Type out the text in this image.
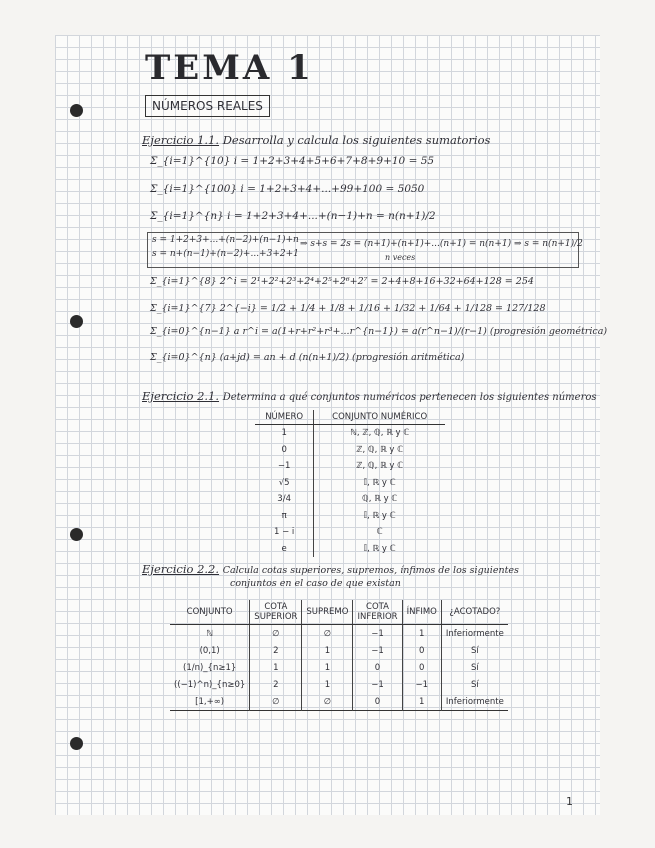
TEMA 1
NÚMEROS REALES
Ejercicio 1.1. Desarrolla y calcula los siguientes sumatorios
Σ_{i=1}^{10} i = 1+2+3+4+5+6+7+8+9+10 = 55
Σ_{i=1}^{100} i = 1+2+3+4+...+99+100 = 5050
Σ_{i=1}^{n} i = 1+2+3+4+...+(n−1)+n = n(n+1)/2
s = 1+2+3+...+(n−2)+(n−1)+n
s = n+(n−1)+(n−2)+...+3+2+1
⇒ s+s = 2s = (n+1)+(n+1)+...(n+1) = n(n+1) ⇒ s = n(n+1)/2
n veces
Σ_{i=1}^{8} 2^i = 2¹+2²+2³+2⁴+2⁵+2⁶+2⁷ = 2+4+8+16+32+64+128 = 254
Σ_{i=1}^{7} 2^{−i} = 1/2 + 1/4 + 1/8 + 1/16 + 1/32 + 1/64 + 1/128 = 127/128
Σ_{i=0}^{n−1} a r^i = a(1+r+r²+r³+...r^{n−1}) = a(r^n−1)/(r−1) (progresión geométrica)
Σ_{i=0}^{n} (a+jd) = an + d (n(n+1)/2) (progresión aritmética)
Ejercicio 2.1. Determina a qué conjuntos numéricos pertenecen los siguientes números
NÚMERO	CONJUNTO NUMÉRICO
1	ℕ, ℤ, ℚ, ℝ y ℂ
0	ℤ, ℚ, ℝ y ℂ
−1	ℤ, ℚ, ℝ y ℂ
√5	𝕀, ℝ y ℂ
3/4	ℚ, ℝ y ℂ
π	𝕀, ℝ y ℂ
1 − i	ℂ
e	𝕀, ℝ y ℂ
Ejercicio 2.2. Calcula cotas superiores, supremos, ínfimos de los siguientes
conjuntos en el caso de que existan
CONJUNTO	COTA SUPERIOR	SUPREMO	COTA INFERIOR	ÍNFIMO	¿ACOTADO?
ℕ	∅	∅	−1	1	Inferiormente
(0,1)	2	1	−1	0	Sí
(1/n)_{n≥1}	1	1	0	0	Sí
((−1)^n)_{n≥0}	2	1	−1	−1	Sí
[1,+∞)	∅	∅	0	1	Inferiormente
1
